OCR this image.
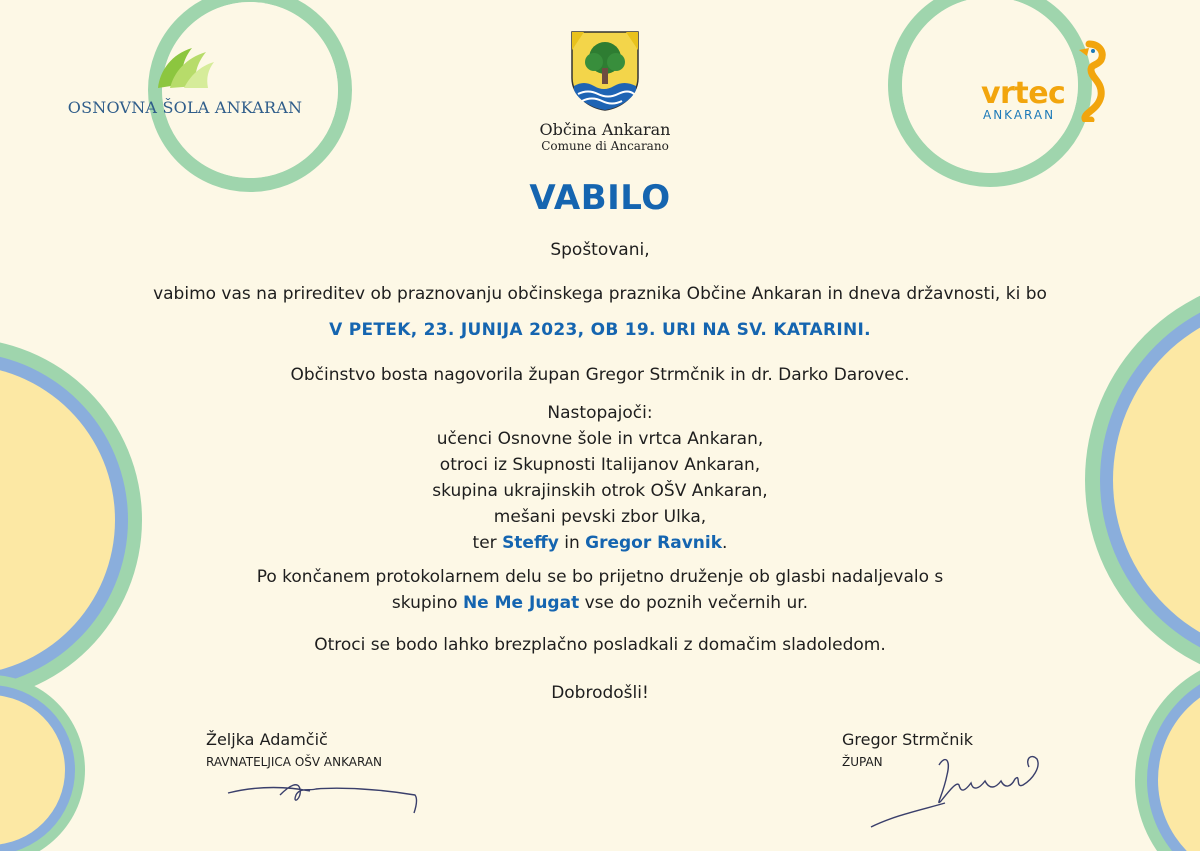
OSNOVNA ŠOLA ANKARAN
Občina Ankaran
Comune di Ancarano
vrtec
ANKARAN
VABILO
Spoštovani,
vabimo vas na prireditev ob praznovanju občinskega praznika Občine Ankaran in dneva državnosti, ki bo
V PETEK, 23. JUNIJA 2023, OB 19. URI NA SV. KATARINI.
Občinstvo bosta nagovorila župan Gregor Strmčnik in dr. Darko Darovec.
Nastopajoči:
učenci Osnovne šole in vrtca Ankaran,
otroci iz Skupnosti Italijanov Ankaran,
skupina ukrajinskih otrok OŠV Ankaran,
mešani pevski zbor Ulka,
ter Steffy in Gregor Ravnik.
Po končanem protokolarnem delu se bo prijetno druženje ob glasbi nadaljevalo s
skupino Ne Me Jugat vse do poznih večernih ur.
Otroci se bodo lahko brezplačno posladkali z domačim sladoledom.
Dobrodošli!
Željka Adamčič
RAVNATELJICA OŠV ANKARAN
Gregor Strmčnik
ŽUPAN
